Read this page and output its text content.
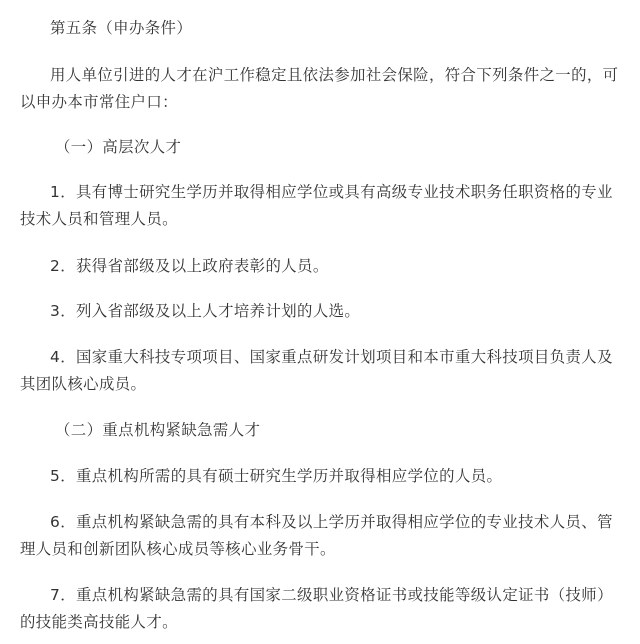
第五条（申办条件）

用人单位引进的人才在沪工作稳定且依法参加社会保险，符合下列条件之一的，可以申办本市常住户口：

（一）高层次人才

1．具有博士研究生学历并取得相应学位或具有高级专业技术职务任职资格的专业技术人员和管理人员。

2．获得省部级及以上政府表彰的人员。

3．列入省部级及以上人才培养计划的人选。

4．国家重大科技专项项目、国家重点研发计划项目和本市重大科技项目负责人及其团队核心成员。

（二）重点机构紧缺急需人才

5．重点机构所需的具有硕士研究生学历并取得相应学位的人员。

6．重点机构紧缺急需的具有本科及以上学历并取得相应学位的专业技术人员、管理人员和创新团队核心成员等核心业务骨干。

7．重点机构紧缺急需的具有国家二级职业资格证书或技能等级认定证书（技师）的技能类高技能人才。
